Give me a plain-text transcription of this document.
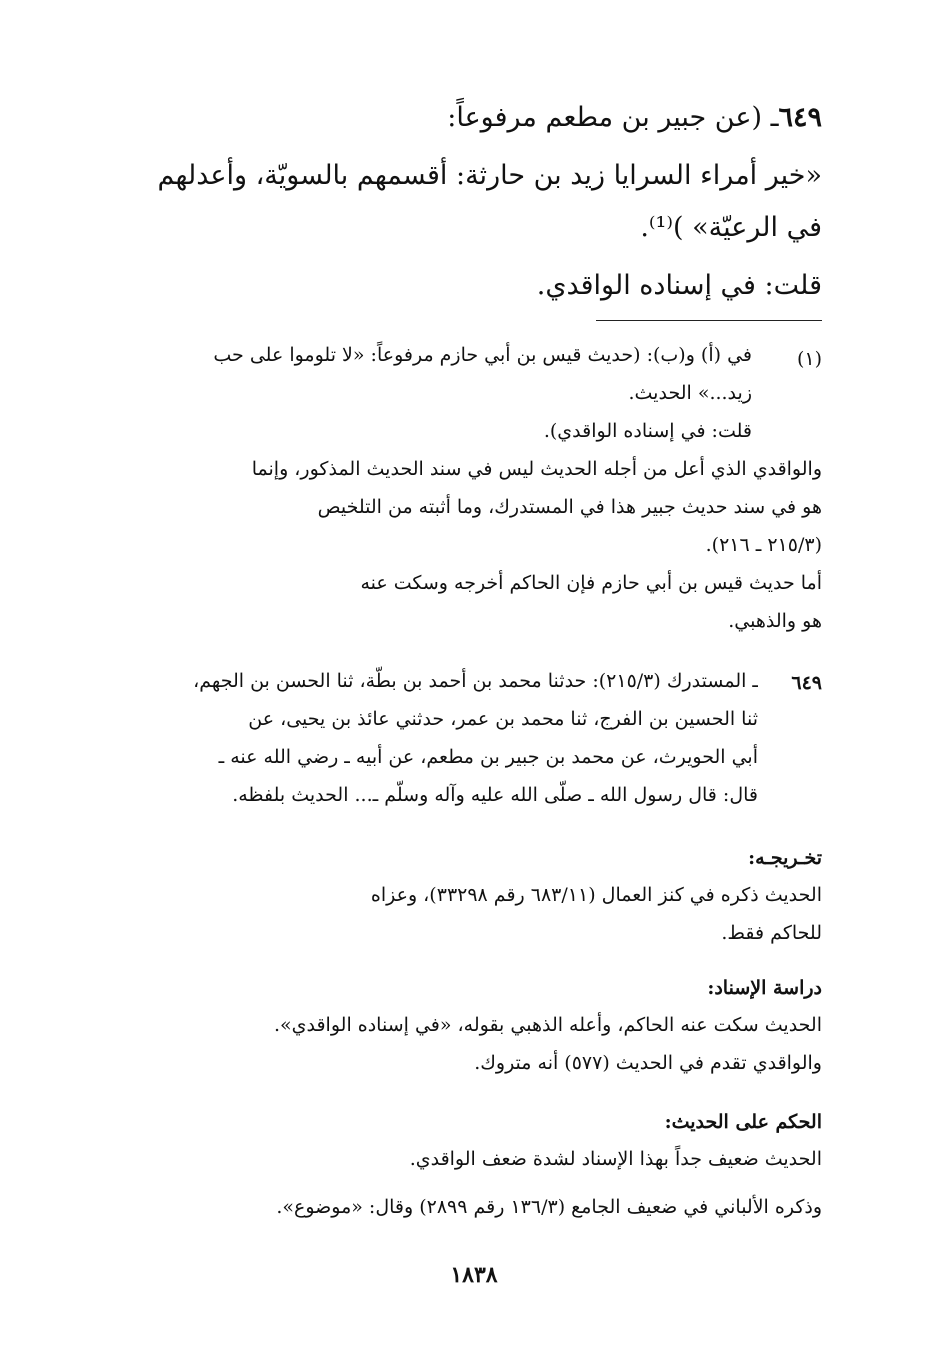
٦٤٩ـ (عن جبير بن مطعم مرفوعاً:
«خير أمراء السرايا زيد بن حارثة: أقسمهم بالسويّة، وأعدلهم
في الرعيّة» )⁽¹⁾.
قلت: في إسناده الواقدي.
(١)
في (أ) و(ب): (حديث قيس بن أبي حازم مرفوعاً: «لا تلوموا على حب
زيد...» الحديث.
قلت: في إسناده الواقدي).
والواقدي الذي أعل من أجله الحديث ليس في سند الحديث المذكور، وإنما
هو في سند حديث جبير هذا في المستدرك، وما أثبته من التلخيص
(٢١٥/٣ ـ ٢١٦).
أما حديث قيس بن أبي حازم فإن الحاكم أخرجه وسكت عنه
هو والذهبي.
٦٤٩
ـ المستدرك (٢١٥/٣): حدثنا محمد بن أحمد بن بطّة، ثنا الحسن بن الجهم،
ثنا الحسين بن الفرج، ثنا محمد بن عمر، حدثني عائذ بن يحيى، عن
أبي الحويرث، عن محمد بن جبير بن مطعم، عن أبيه ـ رضي الله عنه ـ
قال: قال رسول الله ـ صلّى الله عليه وآله وسلّم ـ... الحديث بلفظه.
تخـريجـه:
الحديث ذكره في كنز العمال (٦٨٣/١١ رقم ٣٣٢٩٨)، وعزاه
للحاكم فقط.
دراسة الإسناد:
الحديث سكت عنه الحاكم، وأعله الذهبي بقوله، «في إسناده الواقدي».
والواقدي تقدم في الحديث (٥٧٧) أنه متروك.
الحكم على الحديث:
الحديث ضعيف جداً بهذا الإسناد لشدة ضعف الواقدي.
وذكره الألباني في ضعيف الجامع (١٣٦/٣ رقم ٢٨٩٩) وقال: «موضوع».
١٨٣٨
